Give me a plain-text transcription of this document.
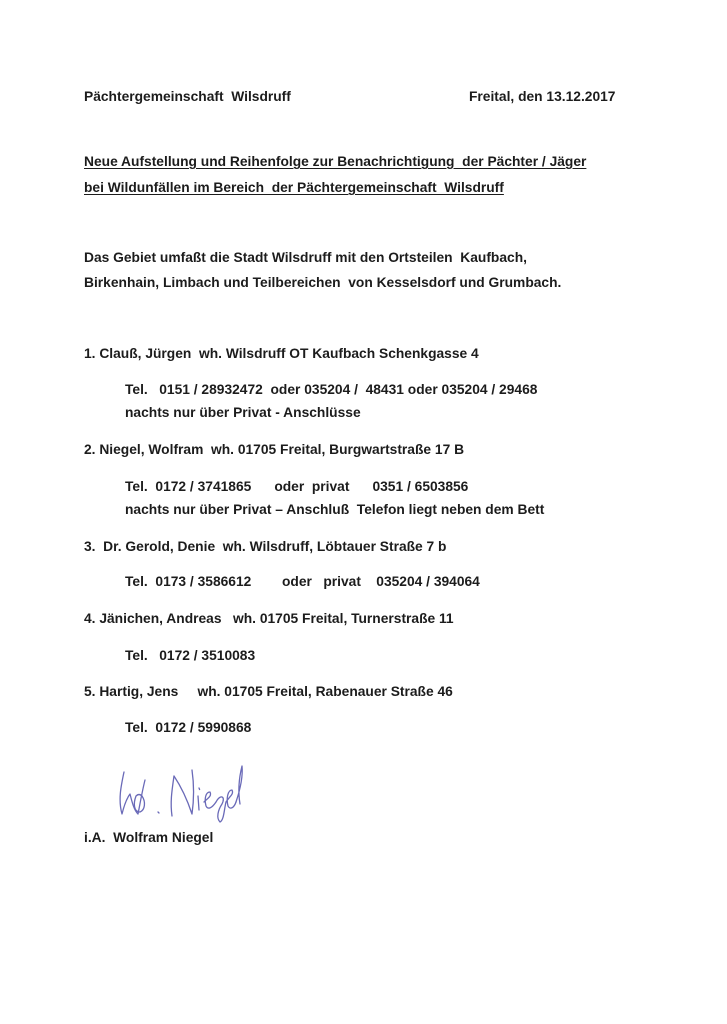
Pächtergemeinschaft  Wilsdruff	Freital, den 13.12.2017
Neue Aufstellung und Reihenfolge zur Benachrichtigung  der Pächter / Jäger
bei Wildunfällen im Bereich  der Pächtergemeinschaft  Wilsdruff
Das Gebiet umfaßt die Stadt Wilsdruff mit den Ortsteilen  Kaufbach,
Birkenhain, Limbach und Teilbereichen  von Kesselsdorf und Grumbach.
1. Clauß, Jürgen  wh. Wilsdruff OT Kaufbach Schenkgasse 4
Tel.   0151 / 28932472  oder 035204 /  48431 oder 035204 / 29468
nachts nur über Privat - Anschlüsse
2. Niegel, Wolfram  wh. 01705 Freital, Burgwartstraße 17 B
Tel.  0172 / 3741865      oder  privat      0351 / 6503856
nachts nur über Privat – Anschluß  Telefon liegt neben dem Bett
3.  Dr. Gerold, Denie  wh. Wilsdruff, Löbtauer Straße 7 b
Tel.  0173 / 3586612        oder   privat    035204 / 394064
4. Jänichen, Andreas   wh. 01705 Freital, Turnerstraße 11
Tel.   0172 / 3510083
5. Hartig, Jens     wh. 01705 Freital, Rabenauer Straße 46
Tel.  0172 / 5990868
i.A.  Wolfram Niegel
